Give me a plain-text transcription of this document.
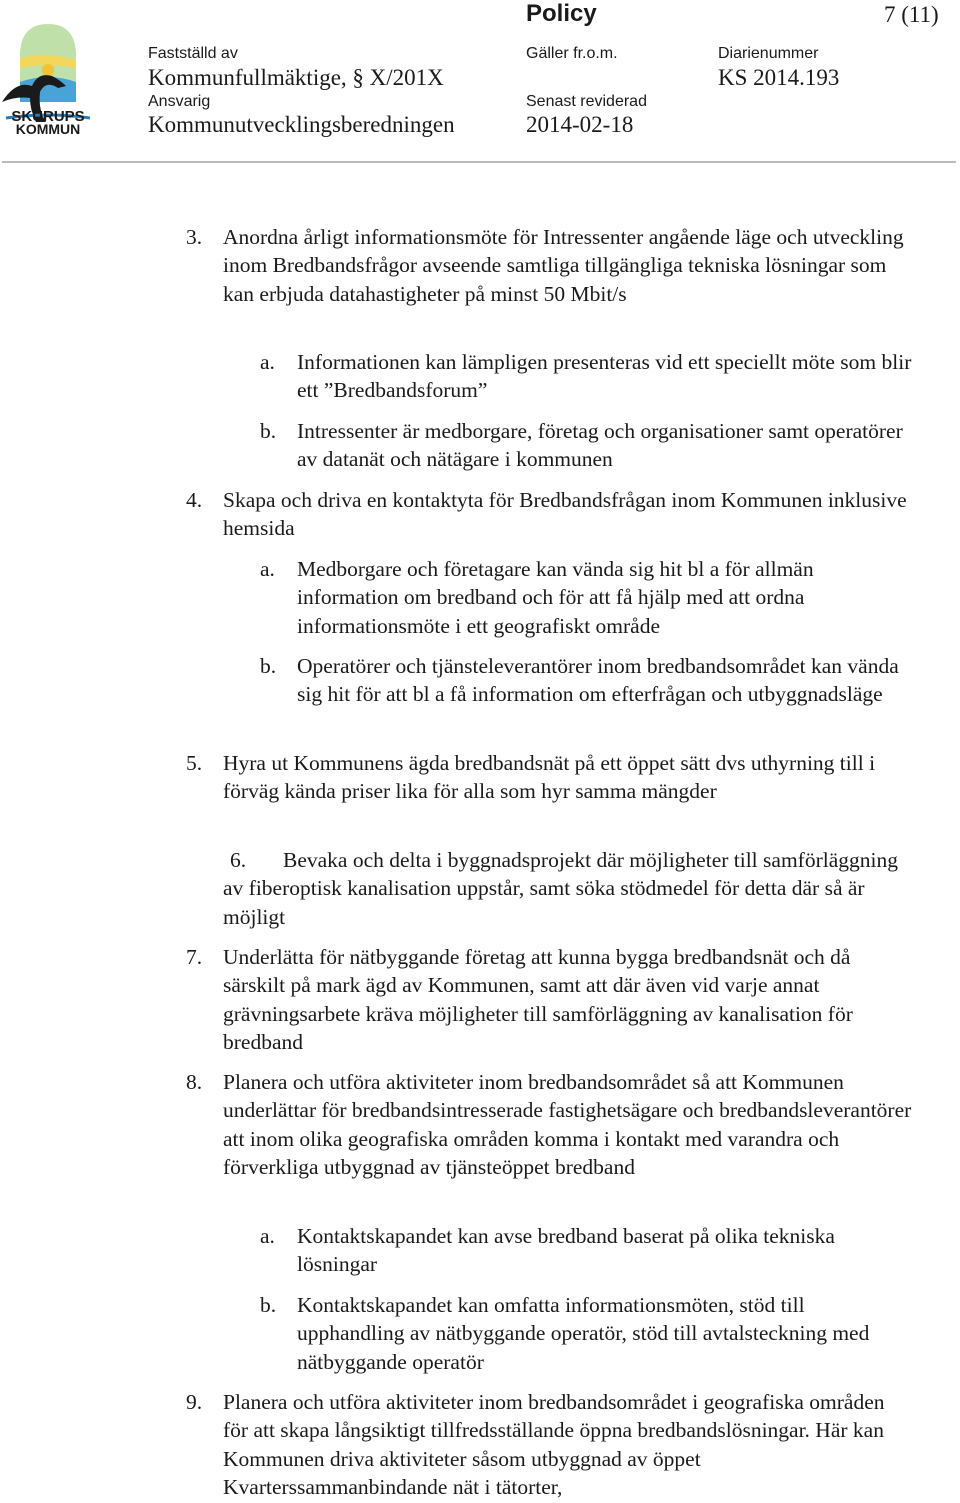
SKURUPS
KOMMUN
Policy	7 (11)
Fastställd av
Kommunfullmäktige, § X/201X
Gäller fr.o.m.	Diarienummer
KS 2014.193
Ansvarig
Kommunutvecklingsberedningen
Senast reviderad
2014-02-18
3. Anordna årligt informationsmöte för Intressenter angående läge och utveckling inom Bredbandsfrågor avseende samtliga tillgängliga tekniska lösningar som kan erbjuda datahastigheter på minst 50 Mbit/s
a. Informationen kan lämpligen presenteras vid ett speciellt möte som blir ett ”Bredbandsforum”
b. Intressenter är medborgare, företag och organisationer samt operatörer av datanät och nätägare i kommunen
4. Skapa och driva en kontaktyta för Bredbandsfrågan inom Kommunen inklusive hemsida
a. Medborgare och företagare kan vända sig hit bl a för allmän information om bredband och för att få hjälp med att ordna informationsmöte i ett geografiskt område
b. Operatörer och tjänsteleverantörer inom bredbandsområdet kan vända sig hit för att bl a få information om efterfrågan och utbyggnadsläge
5. Hyra ut Kommunens ägda bredbandsnät på ett öppet sätt dvs uthyrning till i förväg kända priser lika för alla som hyr samma mängder
6.	Bevaka och delta i byggnadsprojekt där möjligheter till samförläggning av fiberoptisk kanalisation uppstår, samt söka stödmedel för detta där så är möjligt
7. Underlätta för nätbyggande företag att kunna bygga bredbandsnät och då särskilt på mark ägd av Kommunen, samt att där även vid varje annat grävningsarbete kräva möjligheter till samförläggning av kanalisation för bredband
8. Planera och utföra aktiviteter inom bredbandsområdet så att Kommunen underlättar för bredbandsintresserade fastighetsägare och bredbandsleverantörer att inom olika geografiska områden komma i kontakt med varandra och förverkliga utbyggnad av tjänsteöppet bredband
a. Kontaktskapandet kan avse bredband baserat på olika tekniska lösningar
b. Kontaktskapandet kan omfatta informationsmöten, stöd till upphandling av nätbyggande operatör, stöd till avtalsteckning med nätbyggande operatör
9. Planera och utföra aktiviteter inom bredbandsområdet i geografiska områden för att skapa långsiktigt tillfredsställande öppna bredbandslösningar. Här kan Kommunen driva aktiviteter såsom utbyggnad av öppet Kvarterssammanbindande nät i tätorter,
